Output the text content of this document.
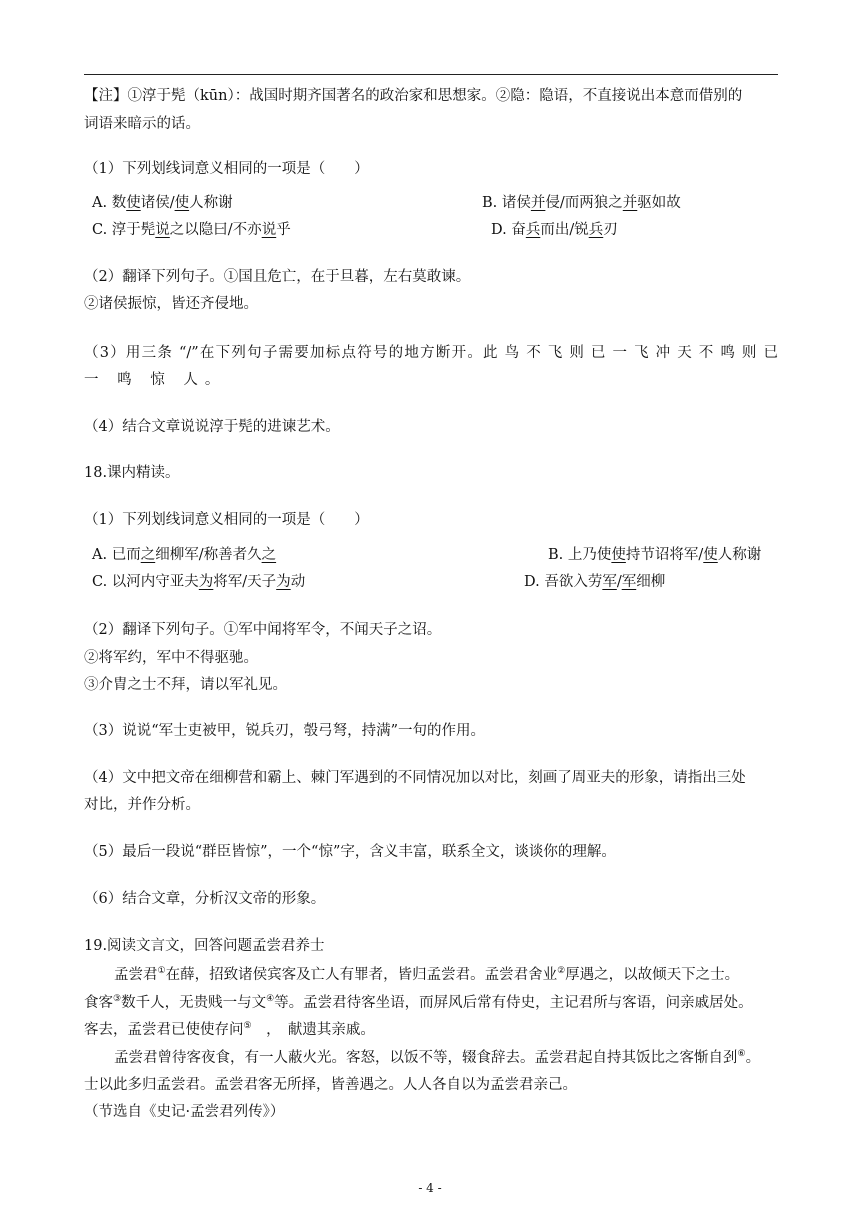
【注】①淳于髡（kūn）：战国时期齐国著名的政治家和思想家。②隐：隐语，不直接说出本意而借别的
词语来暗示的话。
（1）下列划线词意义相同的一项是（　　）
A. 数使诸侯/使人称谢	B. 诸侯并侵/而两狼之并驱如故
C. 淳于髡说之以隐曰/不亦说乎	D. 奋兵而出/锐兵刃
（2）翻译下列句子。①国且危亡，在于旦暮，左右莫敢谏。
②诸侯振惊，皆还齐侵地。
（3）用三条 “/”在下列句子需要加标点符号的地方断开。此 鸟 不 飞 则 已 一 飞 冲 天 不 鸣 则 已
一 鸣 惊 人。
（4）结合文章说说淳于髡的进谏艺术。
18.课内精读。
（1）下列划线词意义相同的一项是（　　）
A. 已而之细柳军/称善者久之	B. 上乃使使持节诏将军/使人称谢
C. 以河内守亚夫为将军/天子为动	D. 吾欲入劳军/军细柳
（2）翻译下列句子。①军中闻将军令，不闻天子之诏。
②将军约，军中不得驱驰。
③介胄之士不拜，请以军礼见。
（3）说说“军士吏被甲，锐兵刃，彀弓弩，持满”一句的作用。
（4）文中把文帝在细柳营和霸上、棘门军遇到的不同情况加以对比，刻画了周亚夫的形象，请指出三处
对比，并作分析。
（5）最后一段说“群臣皆惊”，一个“惊”字，含义丰富，联系全文，谈谈你的理解。
（6）结合文章，分析汉文帝的形象。
19.阅读文言文，回答问题孟尝君养士
孟尝君①在薛，招致诸侯宾客及亡人有罪者，皆归孟尝君。孟尝君舍业②厚遇之，以故倾天下之士。
食客③数千人，无贵贱一与文④等。孟尝君待客坐语，而屏风后常有侍史，主记君所与客语，问亲戚居处。
客去，孟尝君已使使存问⑤　，　献遗其亲戚。
孟尝君曾待客夜食，有一人蔽火光。客怒，以饭不等，辍食辞去。孟尝君起自持其饭比之客惭自刭⑥。
士以此多归孟尝君。孟尝君客无所择，皆善遇之。人人各自以为孟尝君亲己。
（节选自《史记·孟尝君列传》）
- 4 -
